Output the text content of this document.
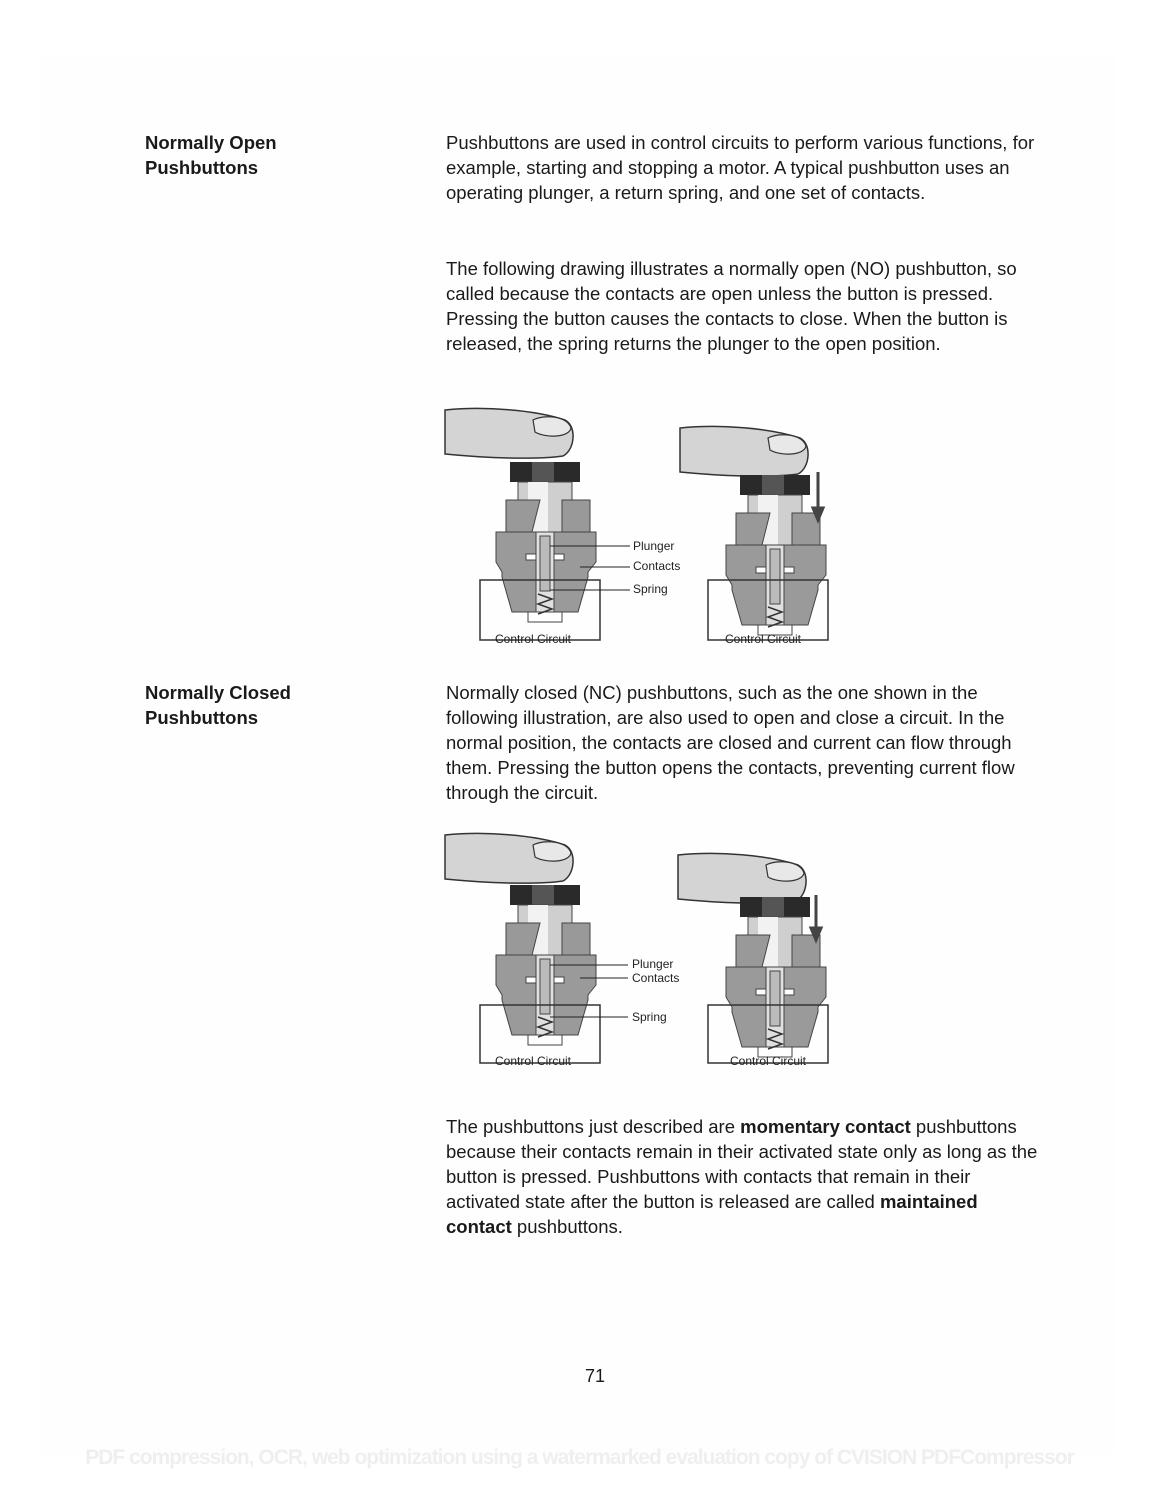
Normally Open
Pushbuttons

Pushbuttons are used in control circuits to perform various functions, for example, starting and stopping a motor. A typical pushbutton uses an operating plunger, a return spring, and one set of contacts.

The following drawing illustrates a normally open (NO) pushbutton, so called because the contacts are open unless the button is pressed. Pressing the button causes the contacts to close. When the button is released, the spring returns the plunger to the open position.

Control Circuit
Plunger
Contacts
Spring
Control Circuit
Normally Closed
Pushbuttons

Normally closed (NC) pushbuttons, such as the one shown in the following illustration, are also used to open and close a circuit. In the normal position, the contacts are closed and current can flow through them. Pressing the button opens the contacts, preventing current flow through the circuit.

Control Circuit
Plunger
Contacts
Spring
Control Circuit

The pushbuttons just described are momentary contact pushbuttons because their contacts remain in their activated state only as long as the button is pressed. Pushbuttons with contacts that remain in their activated state after the button is released are called maintained contact pushbuttons.

71
PDF compression, OCR, web optimization using a watermarked evaluation copy of CVISION PDFCompressor
